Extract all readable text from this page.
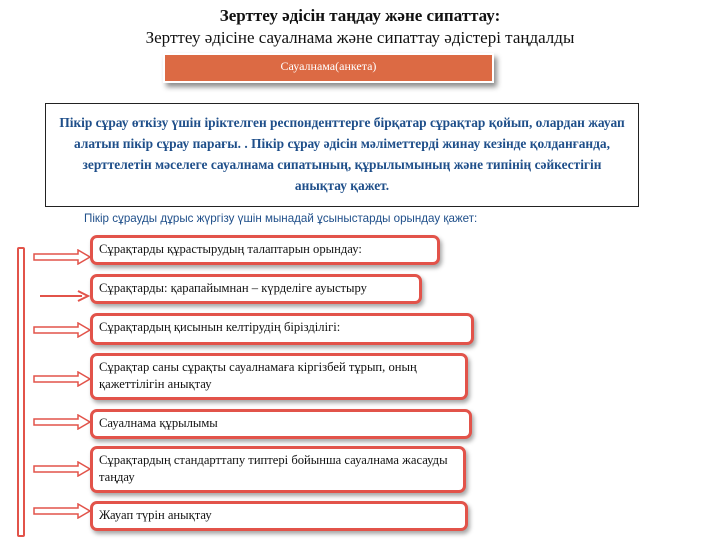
Зерттеу әдісін таңдау және сипаттау:
Зерттеу әдісіне сауалнама және сипаттау әдістері таңдалды
Сауалнама(анкета)
Пікір сұрау өткізу үшін іріктелген респонденттерге бірқатар сұрақтар қойып, олардан жауап алатын пікір сұрау парағы. . Пікір сұрау әдісін мәліметтерді жинау кезінде қолданғанда, зерттелетін мәселеге сауалнама сипатының, құрылымының және типінің сәйкестігін анықтау қажет.
Пікір сұрауды дұрыс жүргізу үшін мынадай ұсыныстарды орындау қажет:
Сұрақтарды құрастырудың талаптарын орындау:
Сұрақтарды: қарапайымнан – күрделіге ауыстыру
Сұрақтардың қисынын келтірудің бірізділігі:
Сұрақтар саны сұрақты сауалнамаға кіргізбей тұрып, оның қажеттілігін анықтау
Сауалнама құрылымы
Сұрақтардың стандарттапу типтері бойынша сауалнама жасауды таңдау
Жауап түрін анықтау
